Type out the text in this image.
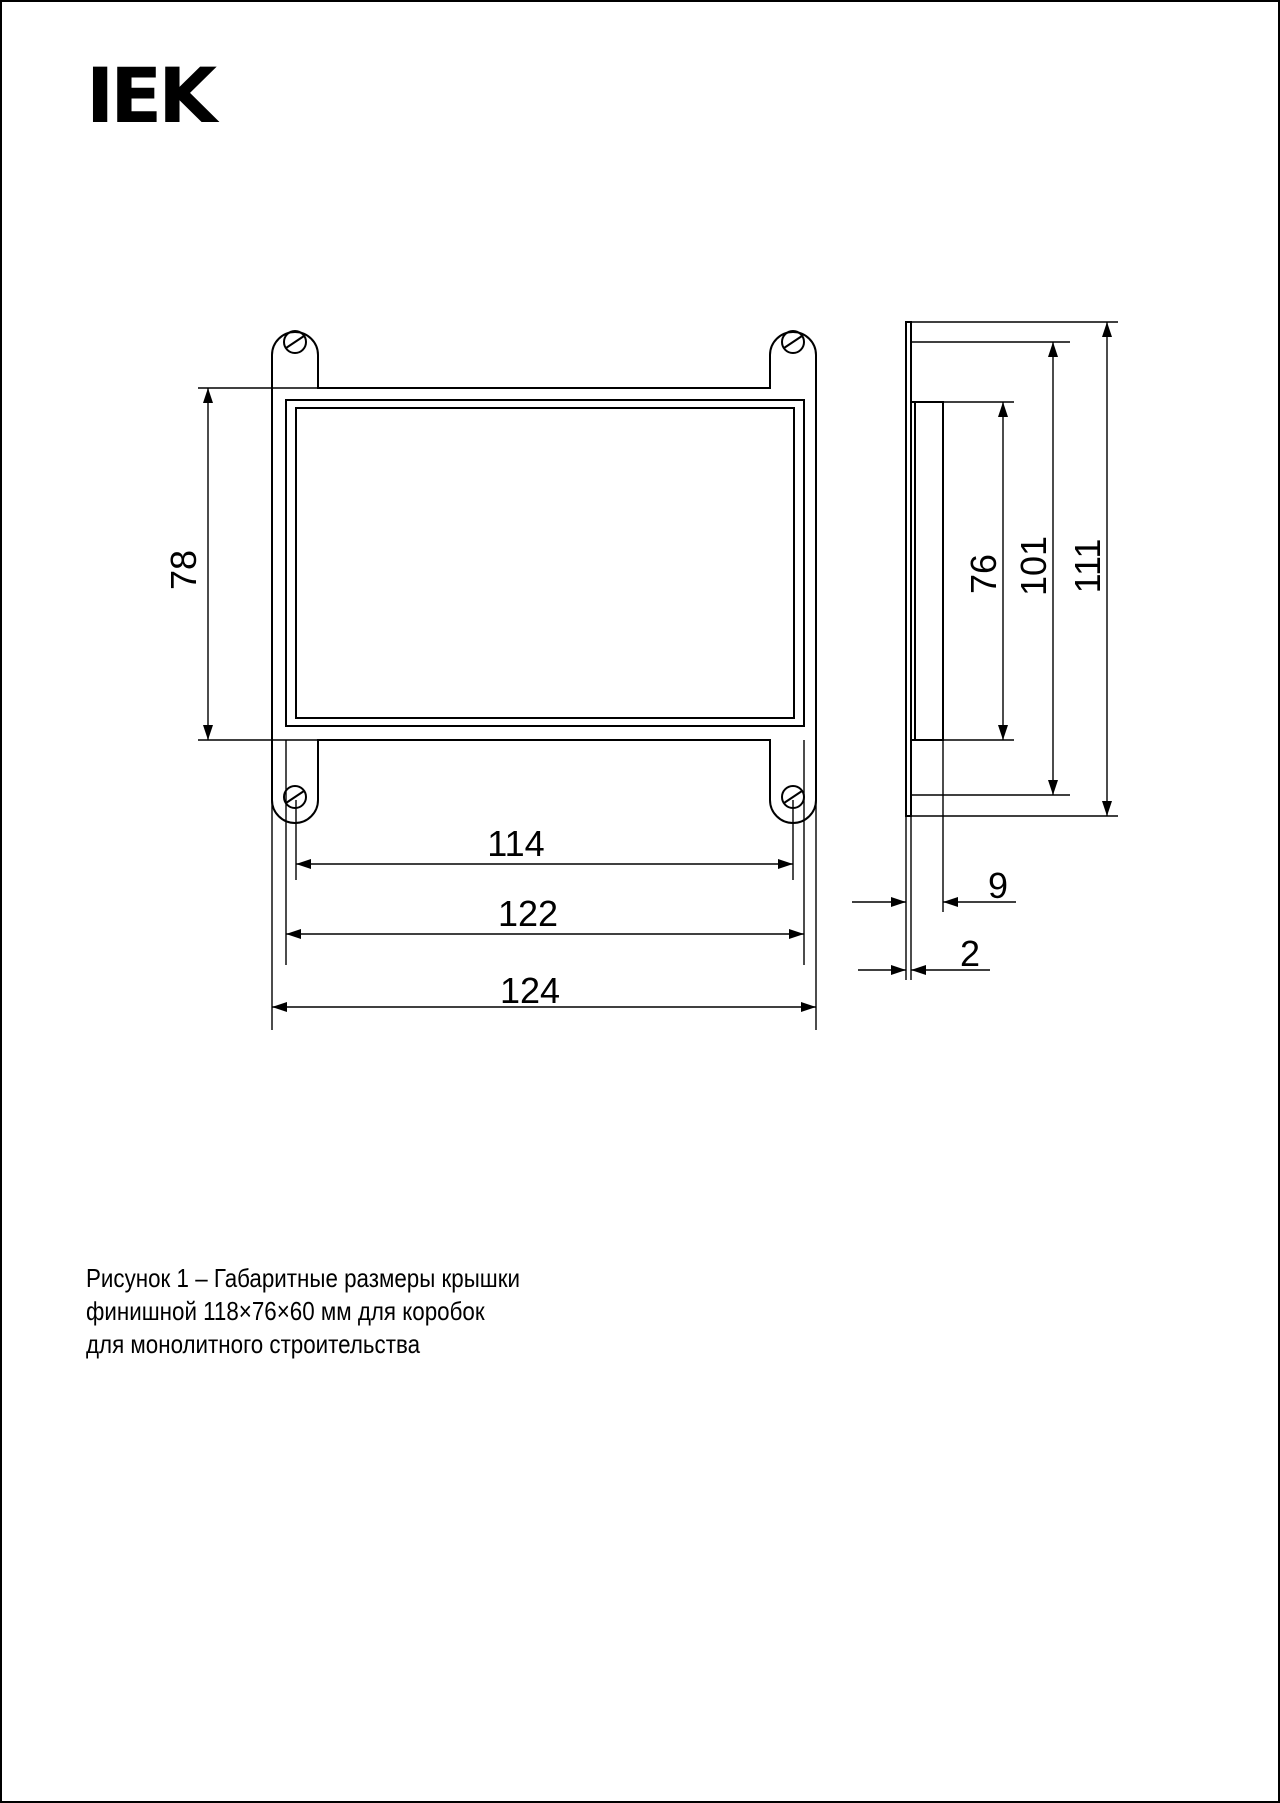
IEK
78
114
122
124
76 101 111
9
2
Рисунок 1 – Габаритные размеры крышки
финишной 118×76×60 мм для коробок
для монолитного строительства
